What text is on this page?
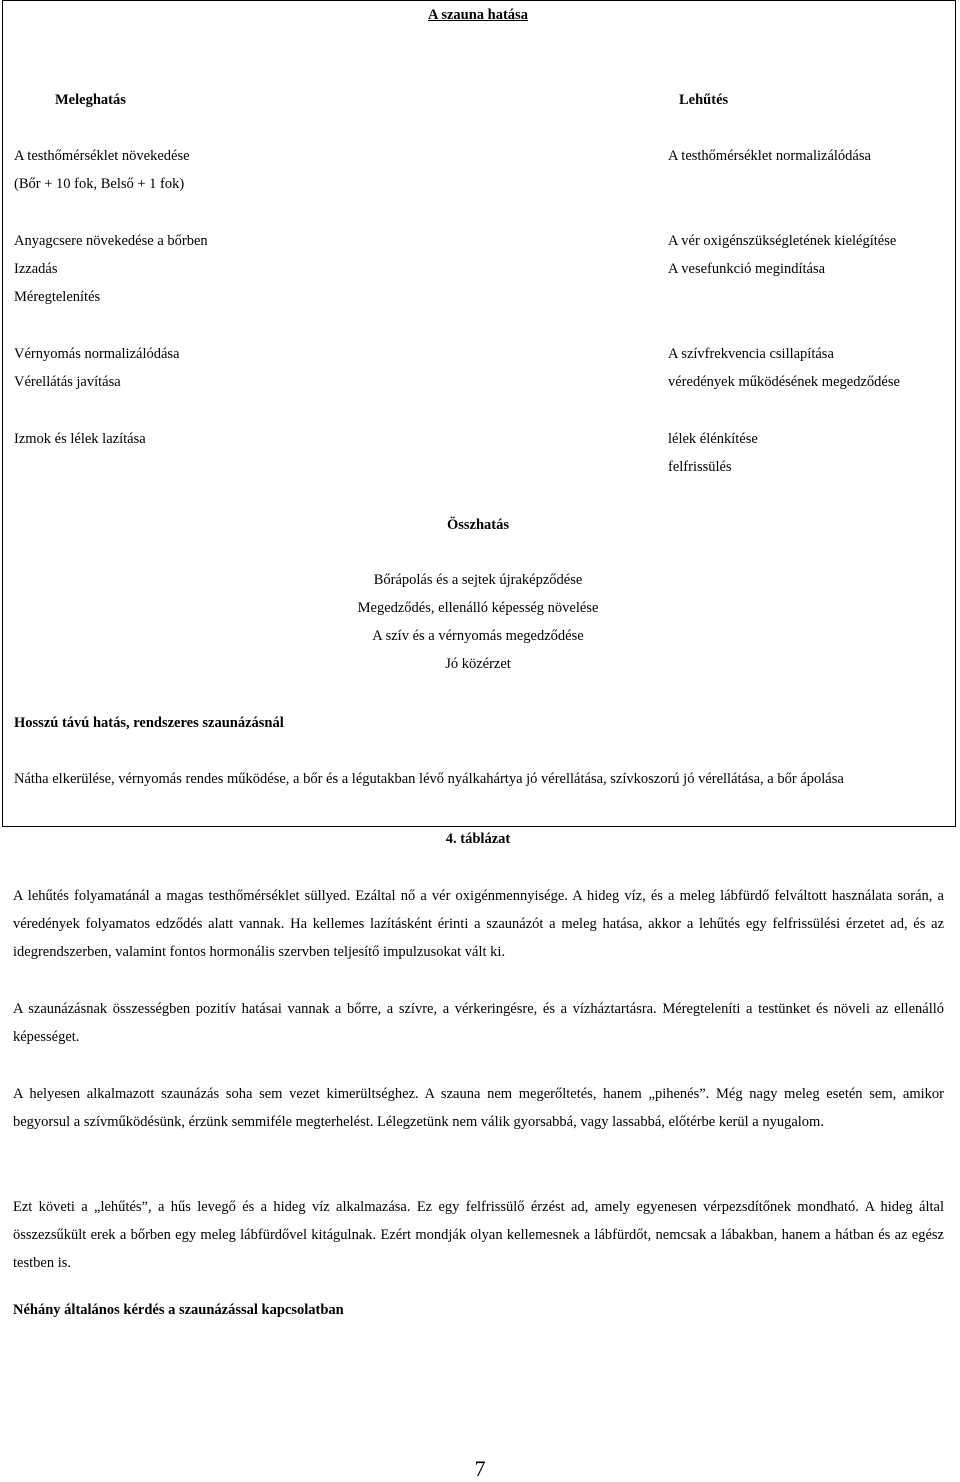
A szauna hatása
Meleghatás
A testhőmérséklet növekedése
(Bőr + 10 fok, Belső + 1 fok)
Anyagcsere növekedése a bőrben
Izzadás
Méregtelenítés
Vérnyomás normalizálódása
Vérellátás javítása
Izmok és lélek lazítása
Lehűtés
A testhőmérséklet normalizálódása
A vér oxigénszükségletének kielégítése
A vesefunkció megindítása
A szívfrekvencia csillapítása
véredények működésének megedződése
lélek élénkítése
felfrissülés
Összhatás
Bőrápolás és a sejtek újraképződése
Megedződés, ellenálló képesség növelése
A szív és a vérnyomás megedződése
Jó közérzet
Hosszú távú hatás, rendszeres szaunázásnál
Nátha elkerülése, vérnyomás rendes működése, a bőr és a légutakban lévő nyálkahártya jó vérellátása, szívkoszorú jó vérellátása, a bőr ápolása
4. táblázat
A lehűtés folyamatánál a magas testhőmérséklet süllyed. Ezáltal nő a vér oxigénmennyisége. A hideg víz, és a meleg lábfürdő felváltott használata során, a véredények folyamatos edződés alatt vannak. Ha kellemes lazításként érinti a szaunázót a meleg hatása, akkor a lehűtés egy felfrissülési érzetet ad, és az idegrendszerben, valamint fontos hormonális szervben teljesítő impulzusokat vált ki.
A szaunázásnak összességben pozitív hatásai vannak a bőrre, a szívre, a vérkeringésre, és a vízháztartásra. Méregteleníti a testünket és növeli az ellenálló képességet.
A helyesen alkalmazott szaunázás soha sem vezet kimerültséghez. A szauna nem megerőltetés, hanem „pihenés”. Még nagy meleg esetén sem, amikor begyorsul a szívműködésünk, érzünk semmiféle megterhelést. Lélegzetünk nem válik gyorsabbá, vagy lassabbá, előtérbe kerül a nyugalom.
Ezt követi a „lehűtés”, a hűs levegő és a hideg víz alkalmazása. Ez egy felfrissülő érzést ad, amely egyenesen vérpezsdítőnek mondható. A hideg által összezsűkült erek a bőrben egy meleg lábfürdővel kitágulnak. Ezért mondják olyan kellemesnek a lábfürdőt, nemcsak a lábakban, hanem a hátban és az egész testben is.
Néhány általános kérdés a szaunázással kapcsolatban
7
